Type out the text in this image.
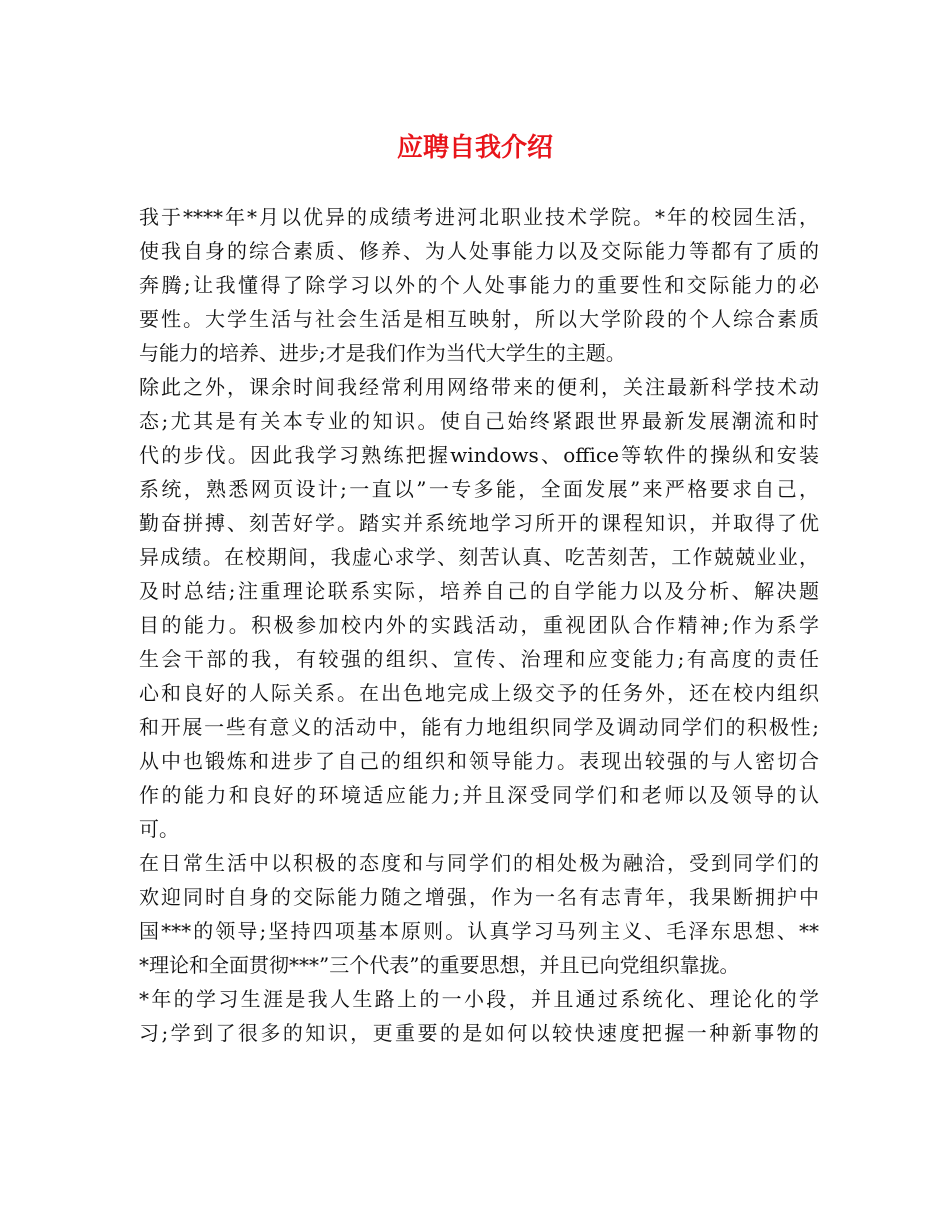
应聘自我介绍
我于****年*月以优异的成绩考进河北职业技术学院。*年的校园生活，
使我自身的综合素质、修养、为人处事能力以及交际能力等都有了质的
奔腾;让我懂得了除学习以外的个人处事能力的重要性和交际能力的必
要性。大学生活与社会生活是相互映射，所以大学阶段的个人综合素质
与能力的培养、进步;才是我们作为当代大学生的主题。
除此之外，课余时间我经常利用网络带来的便利，关注最新科学技术动
态;尤其是有关本专业的知识。使自己始终紧跟世界最新发展潮流和时
代的步伐。因此我学习熟练把握windows、office等软件的操纵和安装
系统，熟悉网页设计;一直以”一专多能，全面发展”来严格要求自己，
勤奋拼搏、刻苦好学。踏实并系统地学习所开的课程知识，并取得了优
异成绩。在校期间，我虚心求学、刻苦认真、吃苦刻苦，工作兢兢业业，
及时总结;注重理论联系实际，培养自己的自学能力以及分析、解决题
目的能力。积极参加校内外的实践活动，重视团队合作精神;作为系学
生会干部的我，有较强的组织、宣传、治理和应变能力;有高度的责任
心和良好的人际关系。在出色地完成上级交予的任务外，还在校内组织
和开展一些有意义的活动中，能有力地组织同学及调动同学们的积极性;
从中也锻炼和进步了自己的组织和领导能力。表现出较强的与人密切合
作的能力和良好的环境适应能力;并且深受同学们和老师以及领导的认
可。
在日常生活中以积极的态度和与同学们的相处极为融洽，受到同学们的
欢迎同时自身的交际能力随之增强，作为一名有志青年，我果断拥护中
国***的领导;坚持四项基本原则。认真学习马列主义、毛泽东思想、**
*理论和全面贯彻***”三个代表”的重要思想，并且已向党组织靠拢。
*年的学习生涯是我人生路上的一小段，并且通过系统化、理论化的学
习;学到了很多的知识，更重要的是如何以较快速度把握一种新事物的
